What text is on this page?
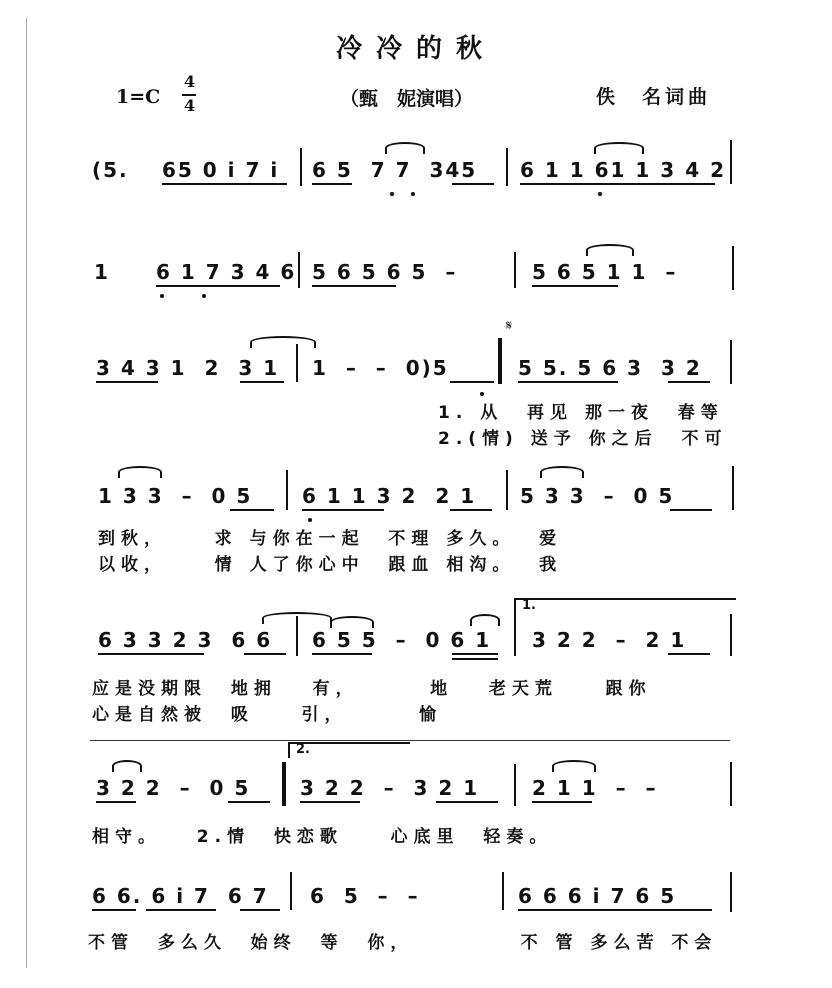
冷冷的秋
1=C
4
4	（甄　妮演唱）	佚　名词曲
(5. 65 0 i 7 i 6 5  7 7  345 6 1 1 61 1 3 4 2
1 6 1 7 3 4 6 5 6 5 6 5  –	5 6 5 1 1  –
𝄋
3 4 3 1  2  3 1 1  –  –  0)5	5 5. 5 6 3  3 2
1. 从  再见 那一夜  春等
2.(情) 送予 你之后  不可
1 3 3  –  0 5 6 1 1 3 2  2 1 5 3 3  –  0 5
到秋，    求 与你在一起  不理 多久。  爱
以收，    情 人了你心中  跟血 相沟。  我
1.
6 3 3 2 3  6 6 6 5 5  –  0 6 1 3 2 2  –  2 1
应是没期限  地拥   有，      地   老天荒    跟你
心是自然被  吸    引，      愉
2.
3 2 2  –  0 5 3 2 2  –  3 2 1	2 1 1  –  –
相守。   2.情  快恋歌    心底里  轻奏。
6 6. 6 i 7  6 7 6  5  –  –	6 6 6 i 7 6 5
不管  多么久  始终  等  你，         不 管 多么苦 不会
